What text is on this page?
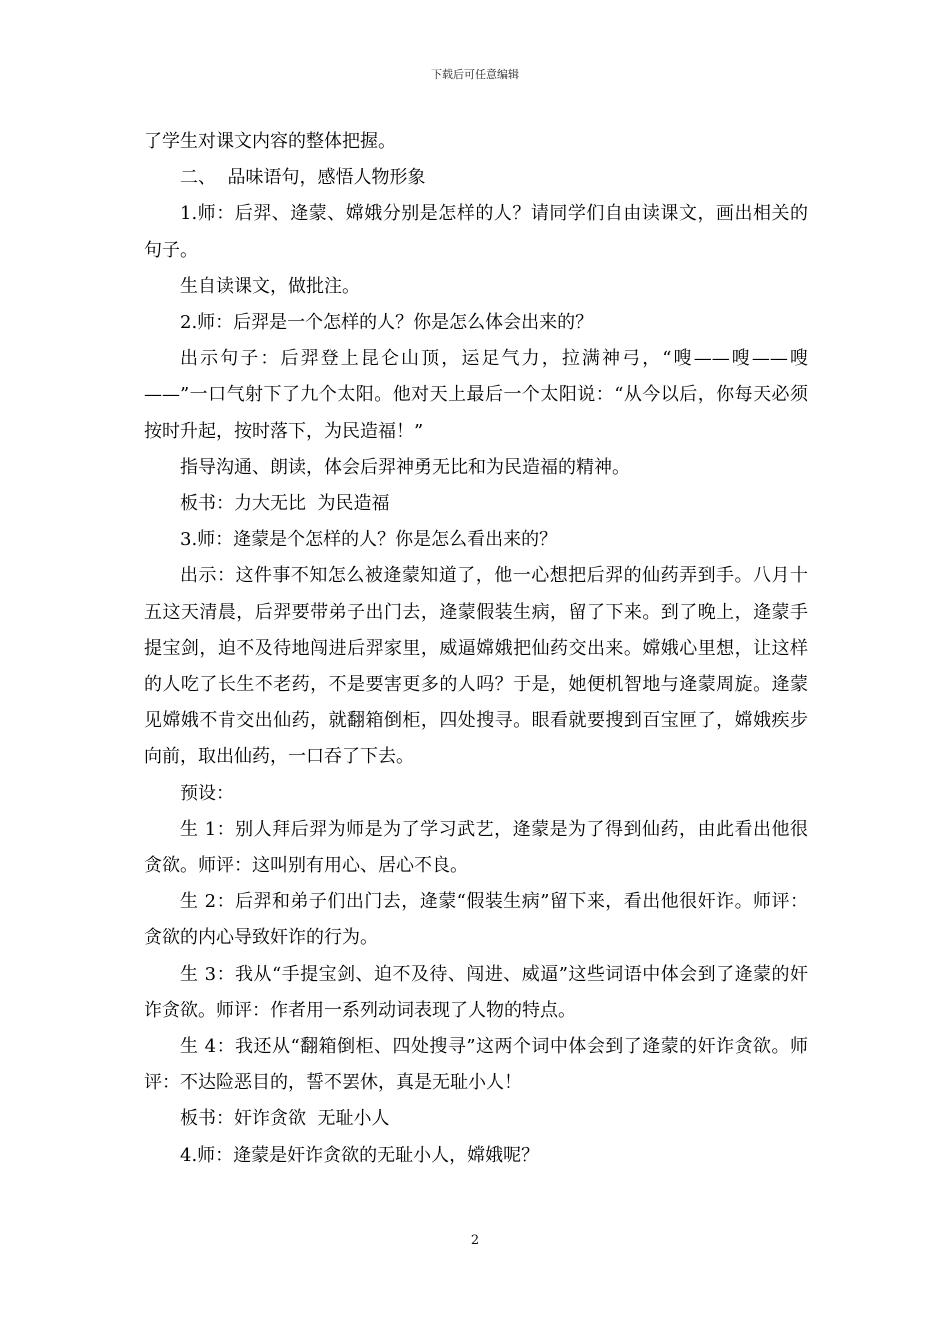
下载后可任意编辑

了学生对课文内容的整体把握。

二、  品味语句，感悟人物形象

1.师：后羿、逄蒙、嫦娥分别是怎样的人？请同学们自由读课文，画出相关的句子。

生自读课文，做批注。

2.师：后羿是一个怎样的人？你是怎么体会出来的？

出示句子：后羿登上昆仑山顶，运足气力，拉满神弓，“嗖——嗖——嗖——”一口气射下了九个太阳。他对天上最后一个太阳说：“从今以后，你每天必须按时升起，按时落下，为民造福！”

指导沟通、朗读，体会后羿神勇无比和为民造福的精神。

板书：力大无比  为民造福

3.师：逄蒙是个怎样的人？你是怎么看出来的？

出示：这件事不知怎么被逄蒙知道了，他一心想把后羿的仙药弄到手。八月十五这天清晨，后羿要带弟子出门去，逄蒙假装生病，留了下来。到了晚上，逄蒙手提宝剑，迫不及待地闯进后羿家里，威逼嫦娥把仙药交出来。嫦娥心里想，让这样的人吃了长生不老药，不是要害更多的人吗？于是，她便机智地与逄蒙周旋。逄蒙见嫦娥不肯交出仙药，就翻箱倒柜，四处搜寻。眼看就要搜到百宝匣了，嫦娥疾步向前，取出仙药，一口吞了下去。

预设：

生 1：别人拜后羿为师是为了学习武艺，逄蒙是为了得到仙药，由此看出他很贪欲。师评：这叫别有用心、居心不良。

生 2：后羿和弟子们出门去，逄蒙“假装生病”留下来，看出他很奸诈。师评：贪欲的内心导致奸诈的行为。

生 3：我从“手提宝剑、迫不及待、闯进、威逼”这些词语中体会到了逄蒙的奸诈贪欲。师评：作者用一系列动词表现了人物的特点。

生 4：我还从“翻箱倒柜、四处搜寻”这两个词中体会到了逄蒙的奸诈贪欲。师评：不达险恶目的，誓不罢休，真是无耻小人！

板书：奸诈贪欲  无耻小人

4.师：逄蒙是奸诈贪欲的无耻小人，嫦娥呢？

2
